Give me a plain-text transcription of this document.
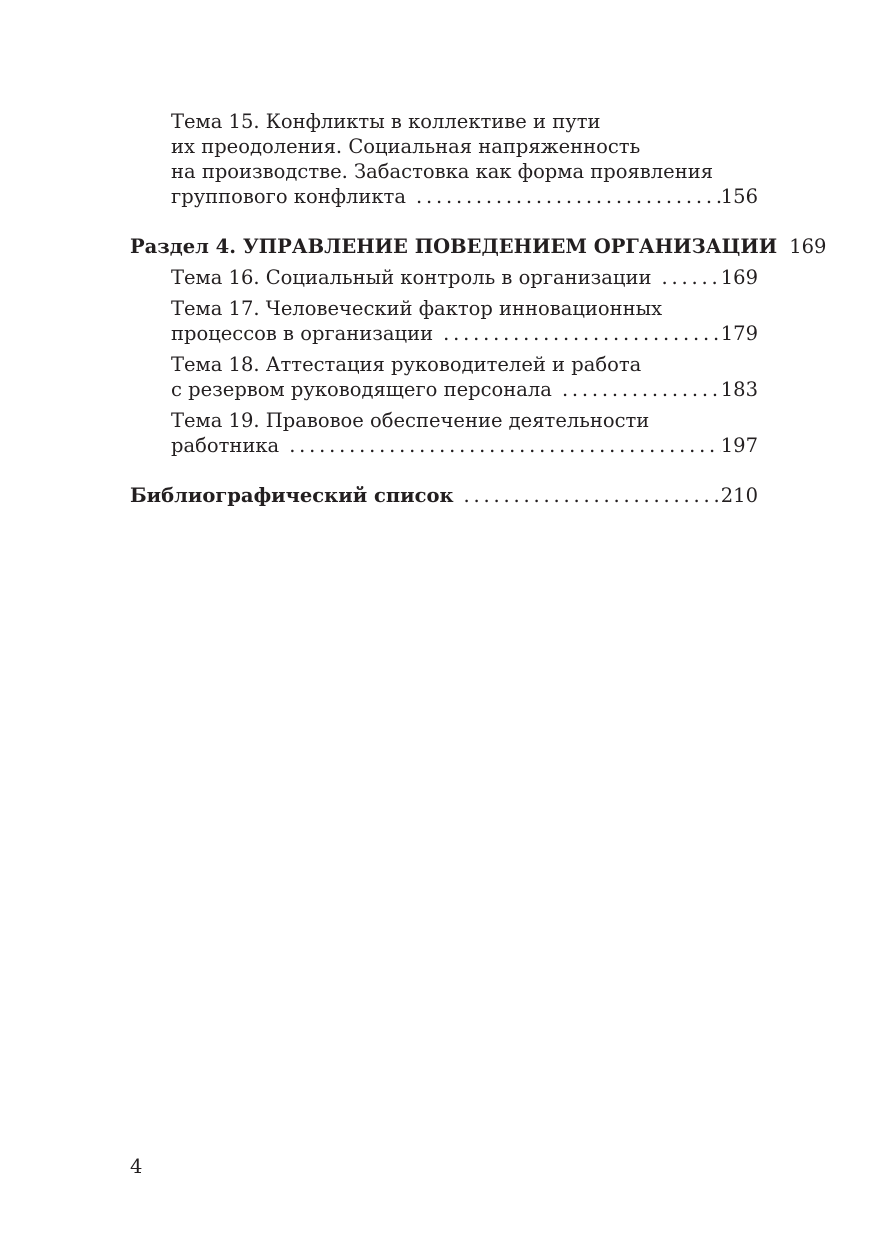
Тема 15. Конфликты в коллективе и пути
их преодоления. Социальная напряженность
на производстве. Забастовка как форма проявления
группового конфликта . . .	156
Раздел 4. УПРАВЛЕНИЕ ПОВЕДЕНИЕМ ОРГАНИЗАЦИИ . . . 169
Тема 16. Социальный контроль в организации . . .	169
Тема 17. Человеческий фактор инновационных
процессов в организации . . .	179
Тема 18. Аттестация руководителей и работа
с резервом руководящего персонала . . .	183
Тема 19. Правовое обеспечение деятельности
работника . . .	197
Библиографический список . . .	210
4
